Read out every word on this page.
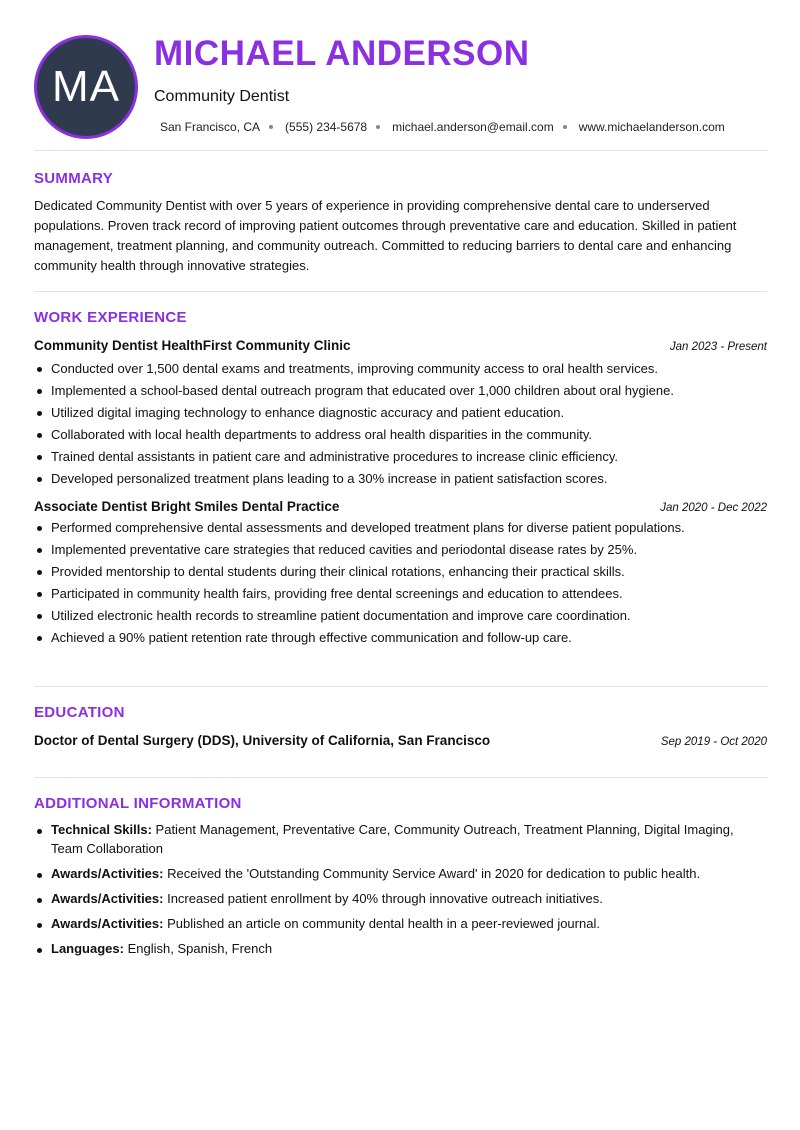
MA
MICHAEL ANDERSON
Community Dentist
San Francisco, CA (555) 234-5678 michael.anderson@email.com www.michaelanderson.com
SUMMARY
Dedicated Community Dentist with over 5 years of experience in providing comprehensive dental care to underserved populations. Proven track record of improving patient outcomes through preventative care and education. Skilled in patient management, treatment planning, and community outreach. Committed to reducing barriers to dental care and enhancing community health through innovative strategies.
WORK EXPERIENCE
Community Dentist HealthFirst Community Clinic	Jan 2023 - Present
Conducted over 1,500 dental exams and treatments, improving community access to oral health services.
Implemented a school-based dental outreach program that educated over 1,000 children about oral hygiene.
Utilized digital imaging technology to enhance diagnostic accuracy and patient education.
Collaborated with local health departments to address oral health disparities in the community.
Trained dental assistants in patient care and administrative procedures to increase clinic efficiency.
Developed personalized treatment plans leading to a 30% increase in patient satisfaction scores.
Associate Dentist Bright Smiles Dental Practice	Jan 2020 - Dec 2022
Performed comprehensive dental assessments and developed treatment plans for diverse patient populations.
Implemented preventative care strategies that reduced cavities and periodontal disease rates by 25%.
Provided mentorship to dental students during their clinical rotations, enhancing their practical skills.
Participated in community health fairs, providing free dental screenings and education to attendees.
Utilized electronic health records to streamline patient documentation and improve care coordination.
Achieved a 90% patient retention rate through effective communication and follow-up care.
EDUCATION
Doctor of Dental Surgery (DDS), University of California, San Francisco	Sep 2019 - Oct 2020
ADDITIONAL INFORMATION
Technical Skills: Patient Management, Preventative Care, Community Outreach, Treatment Planning, Digital Imaging, Team Collaboration
Awards/Activities: Received the 'Outstanding Community Service Award' in 2020 for dedication to public health.
Awards/Activities: Increased patient enrollment by 40% through innovative outreach initiatives.
Awards/Activities: Published an article on community dental health in a peer-reviewed journal.
Languages: English, Spanish, French
